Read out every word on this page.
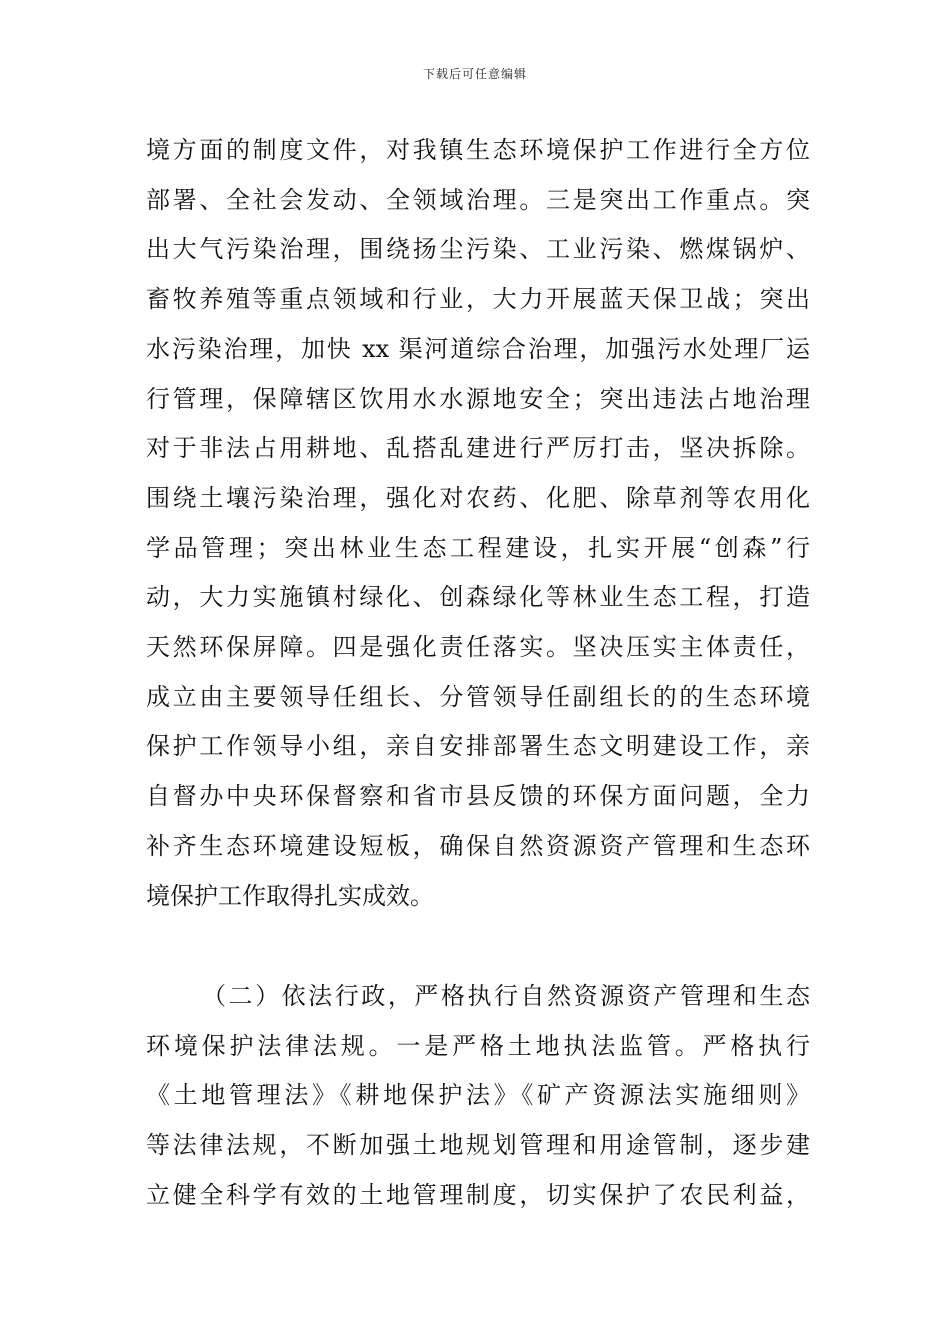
下载后可任意编辑
境方面的制度文件，对我镇生态环境保护工作进行全方位
部署、全社会发动、全领域治理。三是突出工作重点。突
出大气污染治理，围绕扬尘污染、工业污染、燃煤锅炉、
畜牧养殖等重点领域和行业，大力开展蓝天保卫战；突出
水污染治理，加快 xx 渠河道综合治理，加强污水处理厂运
行管理，保障辖区饮用水水源地安全；突出违法占地治理
对于非法占用耕地、乱搭乱建进行严厉打击，坚决拆除。
围绕土壤污染治理，强化对农药、化肥、除草剂等农用化
学品管理；突出林业生态工程建设，扎实开展“创森”行
动，大力实施镇村绿化、创森绿化等林业生态工程，打造
天然环保屏障。四是强化责任落实。坚决压实主体责任，
成立由主要领导任组长、分管领导任副组长的的生态环境
保护工作领导小组，亲自安排部署生态文明建设工作，亲
自督办中央环保督察和省市县反馈的环保方面问题，全力
补齐生态环境建设短板，确保自然资源资产管理和生态环
境保护工作取得扎实成效。
（二）依法行政，严格执行自然资源资产管理和生态
环境保护法律法规。一是严格土地执法监管。严格执行
《土地管理法》《耕地保护法》《矿产资源法实施细则》
等法律法规，不断加强土地规划管理和用途管制，逐步建
立健全科学有效的土地管理制度，切实保护了农民利益，
